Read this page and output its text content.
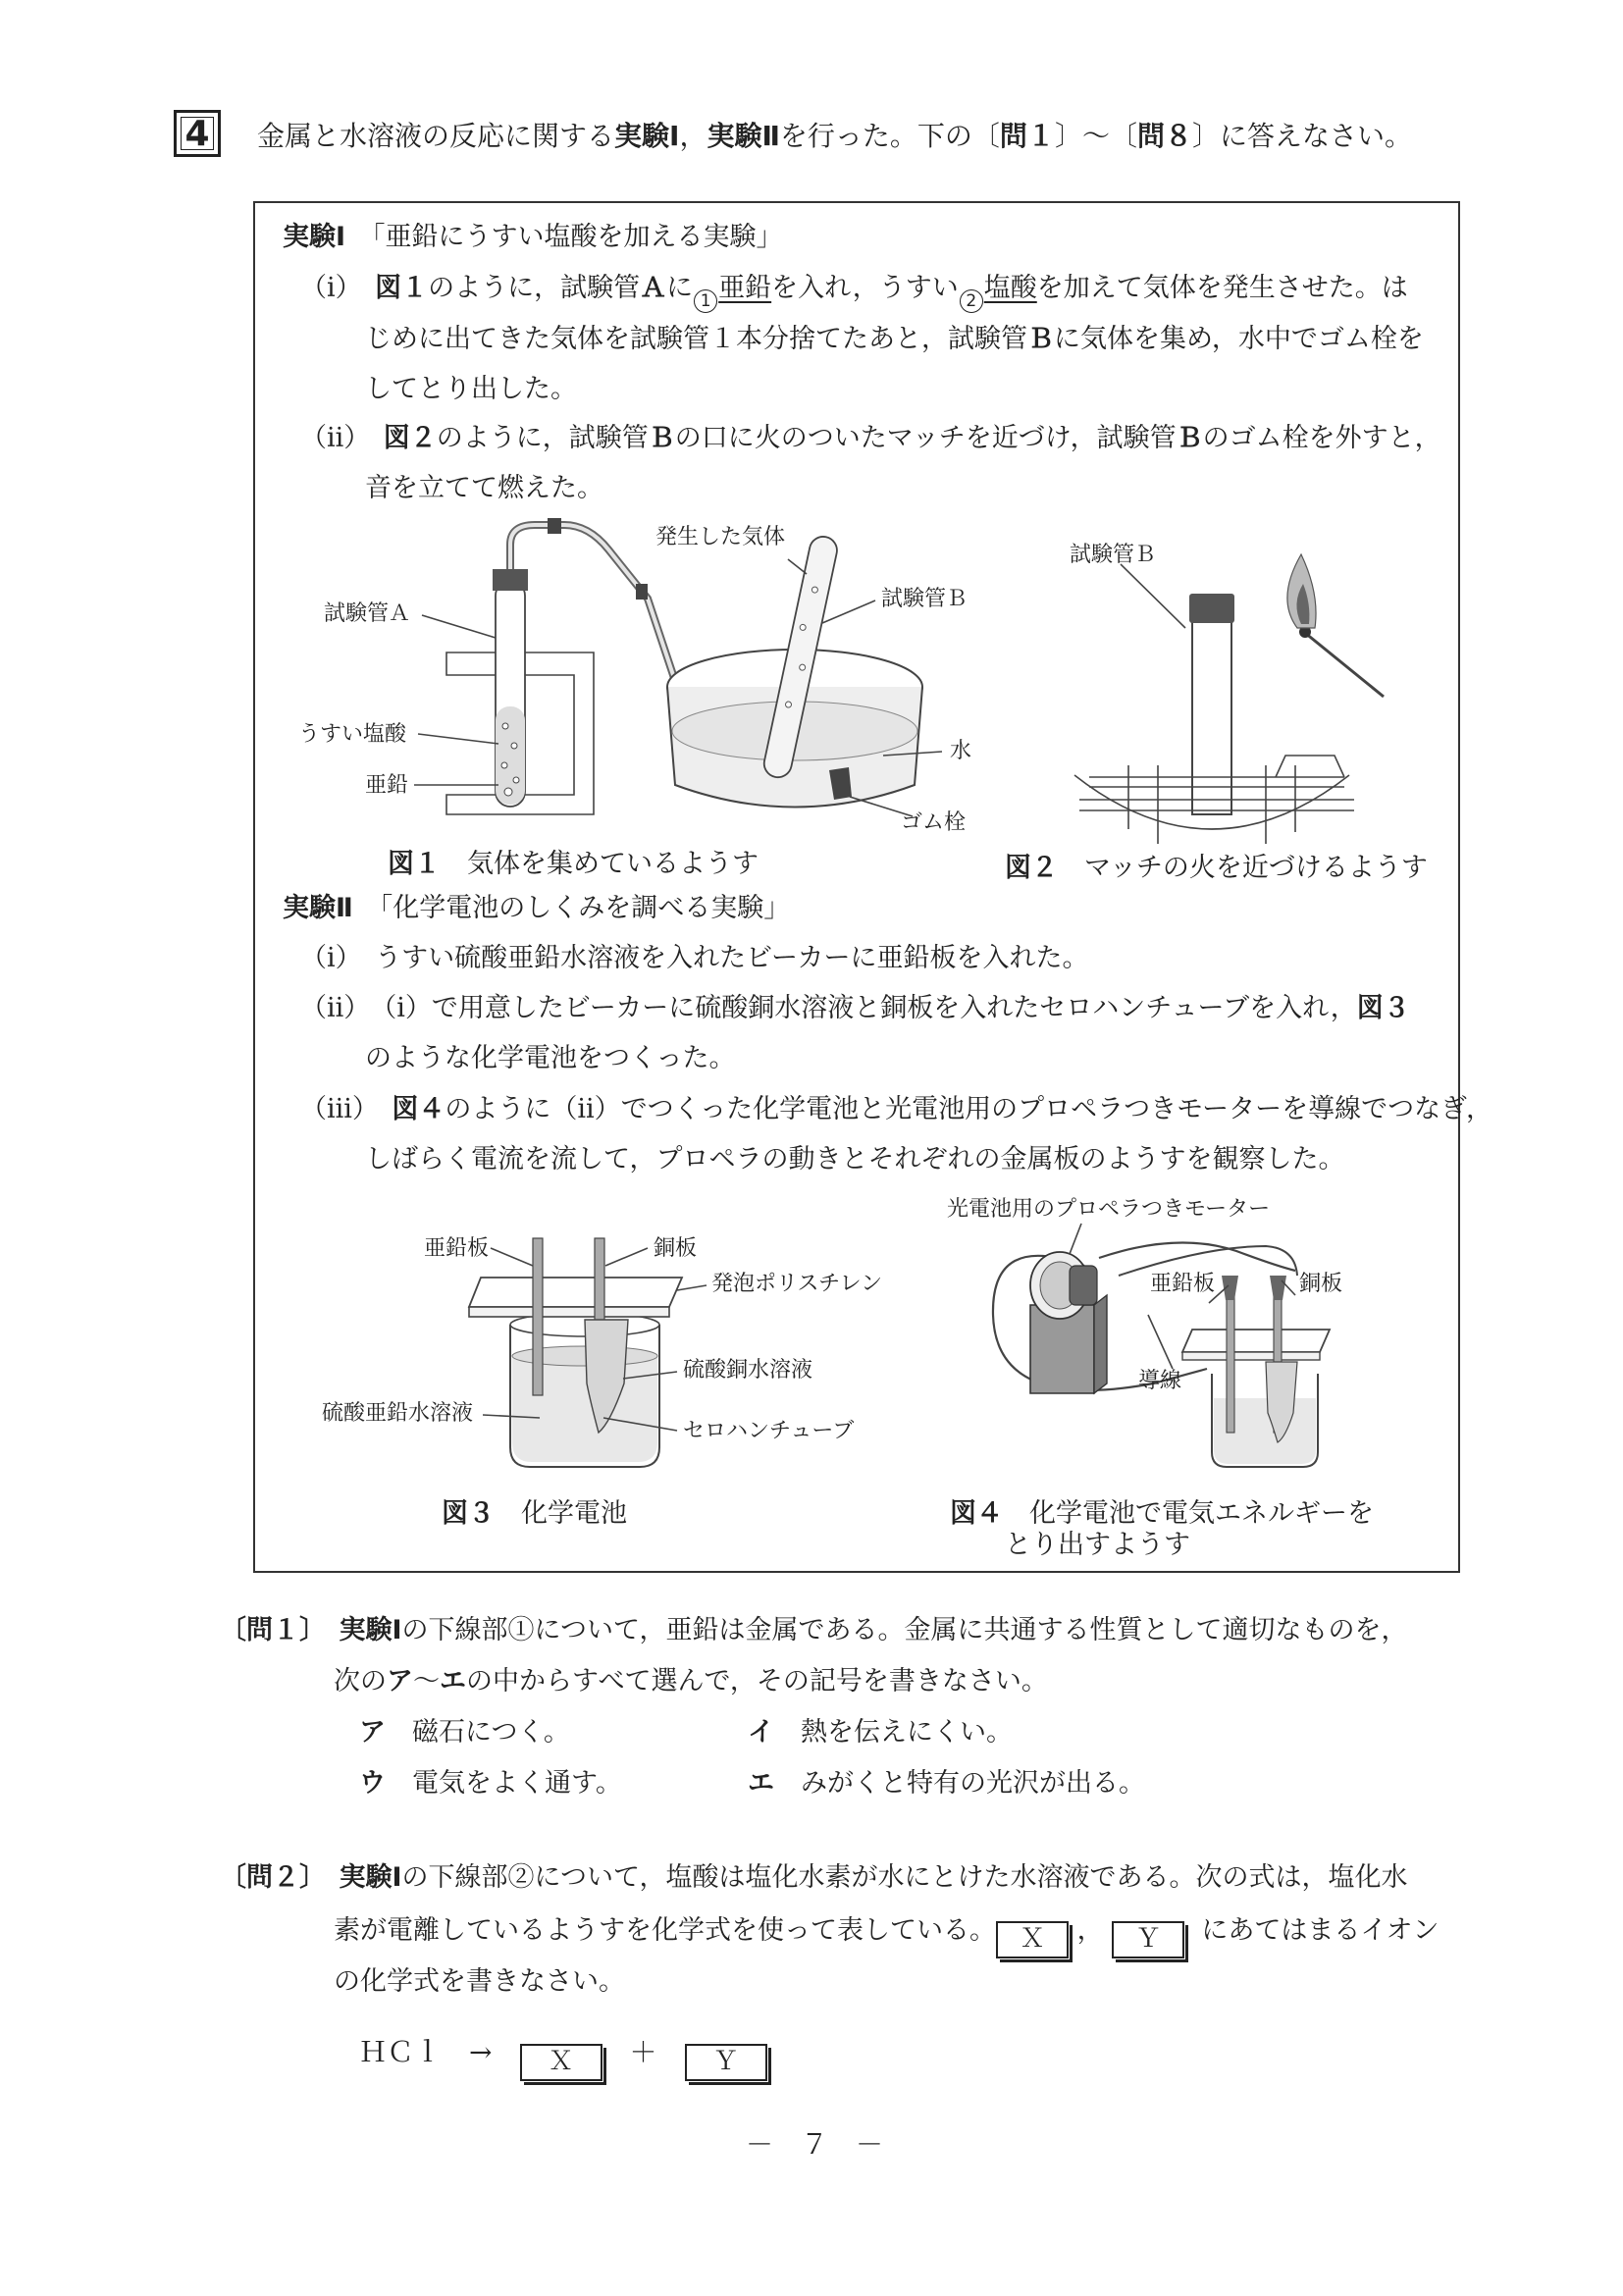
4 金属と水溶液の反応に関する実験Ⅰ，実験Ⅱを行った。下の〔問１〕～〔問８〕に答えなさい。
実験Ⅰ　 「亜鉛にうすい塩酸を加える実験」
（ⅰ）　 図１のように，試験管Ａに 1 亜鉛を入れ，うすい 2 塩酸を加えて気体を発生させた。は
じめに出てきた気体を試験管１本分捨てたあと，試験管Ｂに気体を集め，水中でゴム栓を
してとり出した。
（ⅱ）　 図２のように，試験管Ｂの口に火のついたマッチを近づけ，試験管Ｂのゴム栓を外すと，
音を立てて燃えた。
発生した気体
試験管Ａ
試験管Ｂ
うすい塩酸
亜鉛
水
ゴム栓
図１　 気体を集めているようす
試験管Ｂ
図２　 マッチの火を近づけるようす
実験Ⅱ　 「化学電池のしくみを調べる実験」
（ⅰ）　 うすい硫酸亜鉛水溶液を入れたビーカーに亜鉛板を入れた。
（ⅱ）　 （ⅰ）で用意したビーカーに硫酸銅水溶液と銅板を入れたセロハンチューブを入れ，図３
のような化学電池をつくった。
（ⅲ）　 図４のように（ⅱ）でつくった化学電池と光電池用のプロペラつきモーターを導線でつなぎ，
しばらく電流を流して，プロペラの動きとそれぞれの金属板のようすを観察した。
亜鉛板	銅板
発泡ポリスチレン
硫酸銅水溶液
硫酸亜鉛水溶液
セロハンチューブ
図３　 化学電池
光電池用のプロペラつきモーター
亜鉛板	銅板
導線
図４　 化学電池で電気エネルギーを
とり出すようす
〔問１〕　 実験Ⅰの下線部①について，亜鉛は金属である。金属に共通する性質として適切なものを，
次のア～エの中からすべて選んで，その記号を書きなさい。
ア　 磁石につく。	イ　 熱を伝えにくい。
ウ　 電気をよく通す。	エ　 みがくと特有の光沢が出る。
〔問２〕　 実験Ⅰの下線部②について，塩酸は塩化水素が水にとけた水溶液である。次の式は，塩化水
素が電離しているようすを化学式を使って表している。 Ｘ ， Ｙ にあてはまるイオン
の化学式を書きなさい。
ＨＣｌ　 →　 Ｘ　 ＋　 Ｙ
－　７　－
